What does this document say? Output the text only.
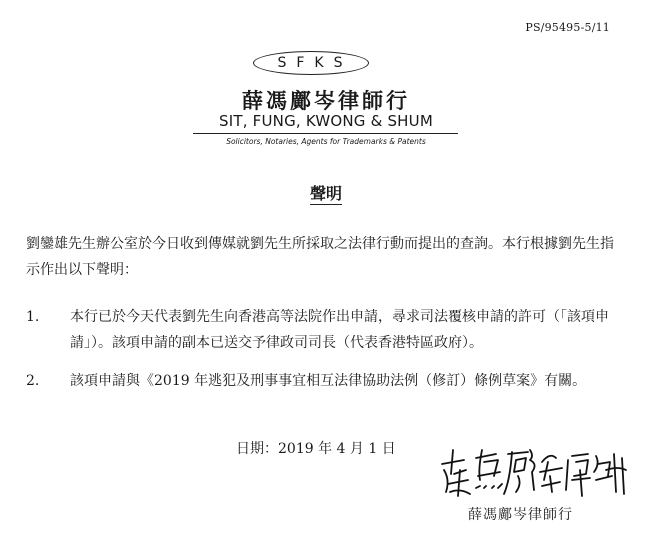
PS/95495-5/11
SFKS
薛馮鄺岑律師行
SIT, FUNG, KWONG & SHUM
Solicitors, Notaries, Agents for Trademarks & Patents
聲明
劉鑾雄先生辦公室於今日收到傳媒就劉先生所採取之法律行動而提出的查詢。本行根據劉先生指示作出以下聲明：
1. 本行已於今天代表劉先生向香港高等法院作出申請，尋求司法覆核申請的許可（「該項申請」）。該項申請的副本已送交予律政司司長（代表香港特區政府）。
2. 該項申請與《2019 年逃犯及刑事事宜相互法律協助法例（修訂）條例草案》有關。
日期：2019 年 4 月 1 日
薛馮鄺岑律師行
